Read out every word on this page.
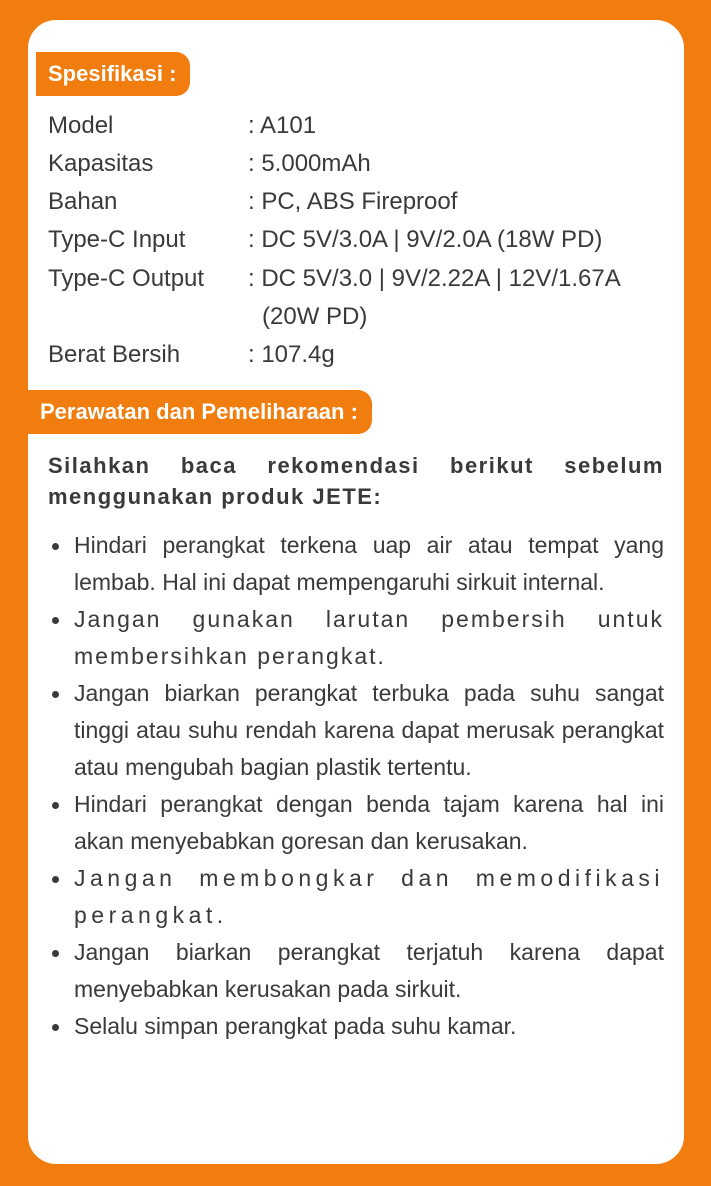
Spesifikasi :
Model	: A101
Kapasitas	: 5.000mAh
Bahan	: PC, ABS Fireproof
Type-C Input	: DC 5V/3.0A | 9V/2.0A (18W PD)
Type-C Output : DC 5V/3.0 | 9V/2.22A | 12V/1.67A
(20W PD)
Berat Bersih	: 107.4g
Perawatan dan Pemeliharaan :
Silahkan baca rekomendasi berikut sebelum menggunakan produk JETE:
Hindari perangkat terkena uap air atau tempat yang lembab. Hal ini dapat mempengaruhi sirkuit internal.
Jangan gunakan larutan pembersih untuk membersihkan perangkat.
Jangan biarkan perangkat terbuka pada suhu sangat tinggi atau suhu rendah karena dapat merusak perangkat atau mengubah bagian plastik tertentu.
Hindari perangkat dengan benda tajam karena hal ini akan menyebabkan goresan dan kerusakan.
Jangan membongkar dan memodifikasi perangkat.
Jangan biarkan perangkat terjatuh karena dapat menyebabkan kerusakan pada sirkuit.
Selalu simpan perangkat pada suhu kamar.
